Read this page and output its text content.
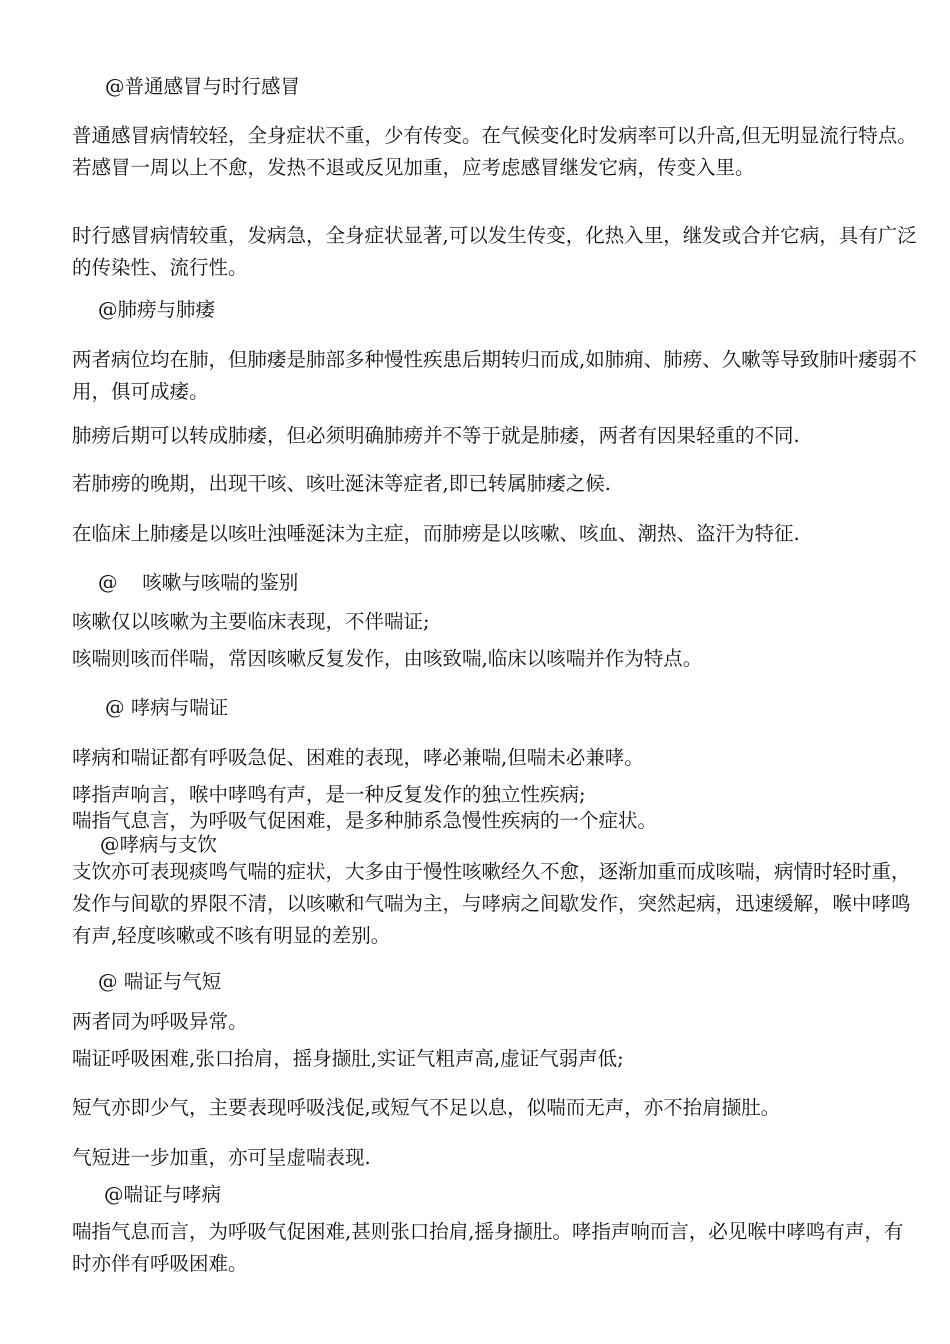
@普通感冒与时行感冒

普通感冒病情较轻，全身症状不重，少有传变。在气候变化时发病率可以升高,但无明显流行特点。若感冒一周以上不愈，发热不退或反见加重，应考虑感冒继发它病，传变入里。

时行感冒病情较重，发病急，全身症状显著,可以发生传变，化热入里，继发或合并它病，具有广泛的传染性、流行性。

@肺痨与肺痿

两者病位均在肺，但肺痿是肺部多种慢性疾患后期转归而成,如肺痈、肺痨、久嗽等导致肺叶痿弱不用，俱可成痿。

肺痨后期可以转成肺痿，但必须明确肺痨并不等于就是肺痿，两者有因果轻重的不同.

若肺痨的晚期，出现干咳、咳吐涎沫等症者,即已转属肺痿之候.

在临床上肺痿是以咳吐浊唾涎沫为主症，而肺痨是以咳嗽、咳血、潮热、盗汗为特征.

@    咳嗽与咳喘的鉴别

咳嗽仅以咳嗽为主要临床表现，不伴喘证;

咳喘则咳而伴喘，常因咳嗽反复发作，由咳致喘,临床以咳喘并作为特点。

@ 哮病与喘证

哮病和喘证都有呼吸急促、困难的表现，哮必兼喘,但喘未必兼哮。

哮指声响言，喉中哮鸣有声，是一种反复发作的独立性疾病;

喘指气息言，为呼吸气促困难，是多种肺系急慢性疾病的一个症状。

@哮病与支饮

支饮亦可表现痰鸣气喘的症状，大多由于慢性咳嗽经久不愈，逐渐加重而成咳喘，病情时轻时重，发作与间歇的界限不清，以咳嗽和气喘为主，与哮病之间歇发作，突然起病，迅速缓解，喉中哮鸣有声,轻度咳嗽或不咳有明显的差别。

@ 喘证与气短

两者同为呼吸异常。

喘证呼吸困难,张口抬肩，摇身撷肚,实证气粗声高,虚证气弱声低;

短气亦即少气，主要表现呼吸浅促,或短气不足以息，似喘而无声，亦不抬肩撷肚。

气短进一步加重，亦可呈虚喘表现.

@喘证与哮病

喘指气息而言，为呼吸气促困难,甚则张口抬肩,摇身撷肚。哮指声响而言，必见喉中哮鸣有声，有时亦伴有呼吸困难。
